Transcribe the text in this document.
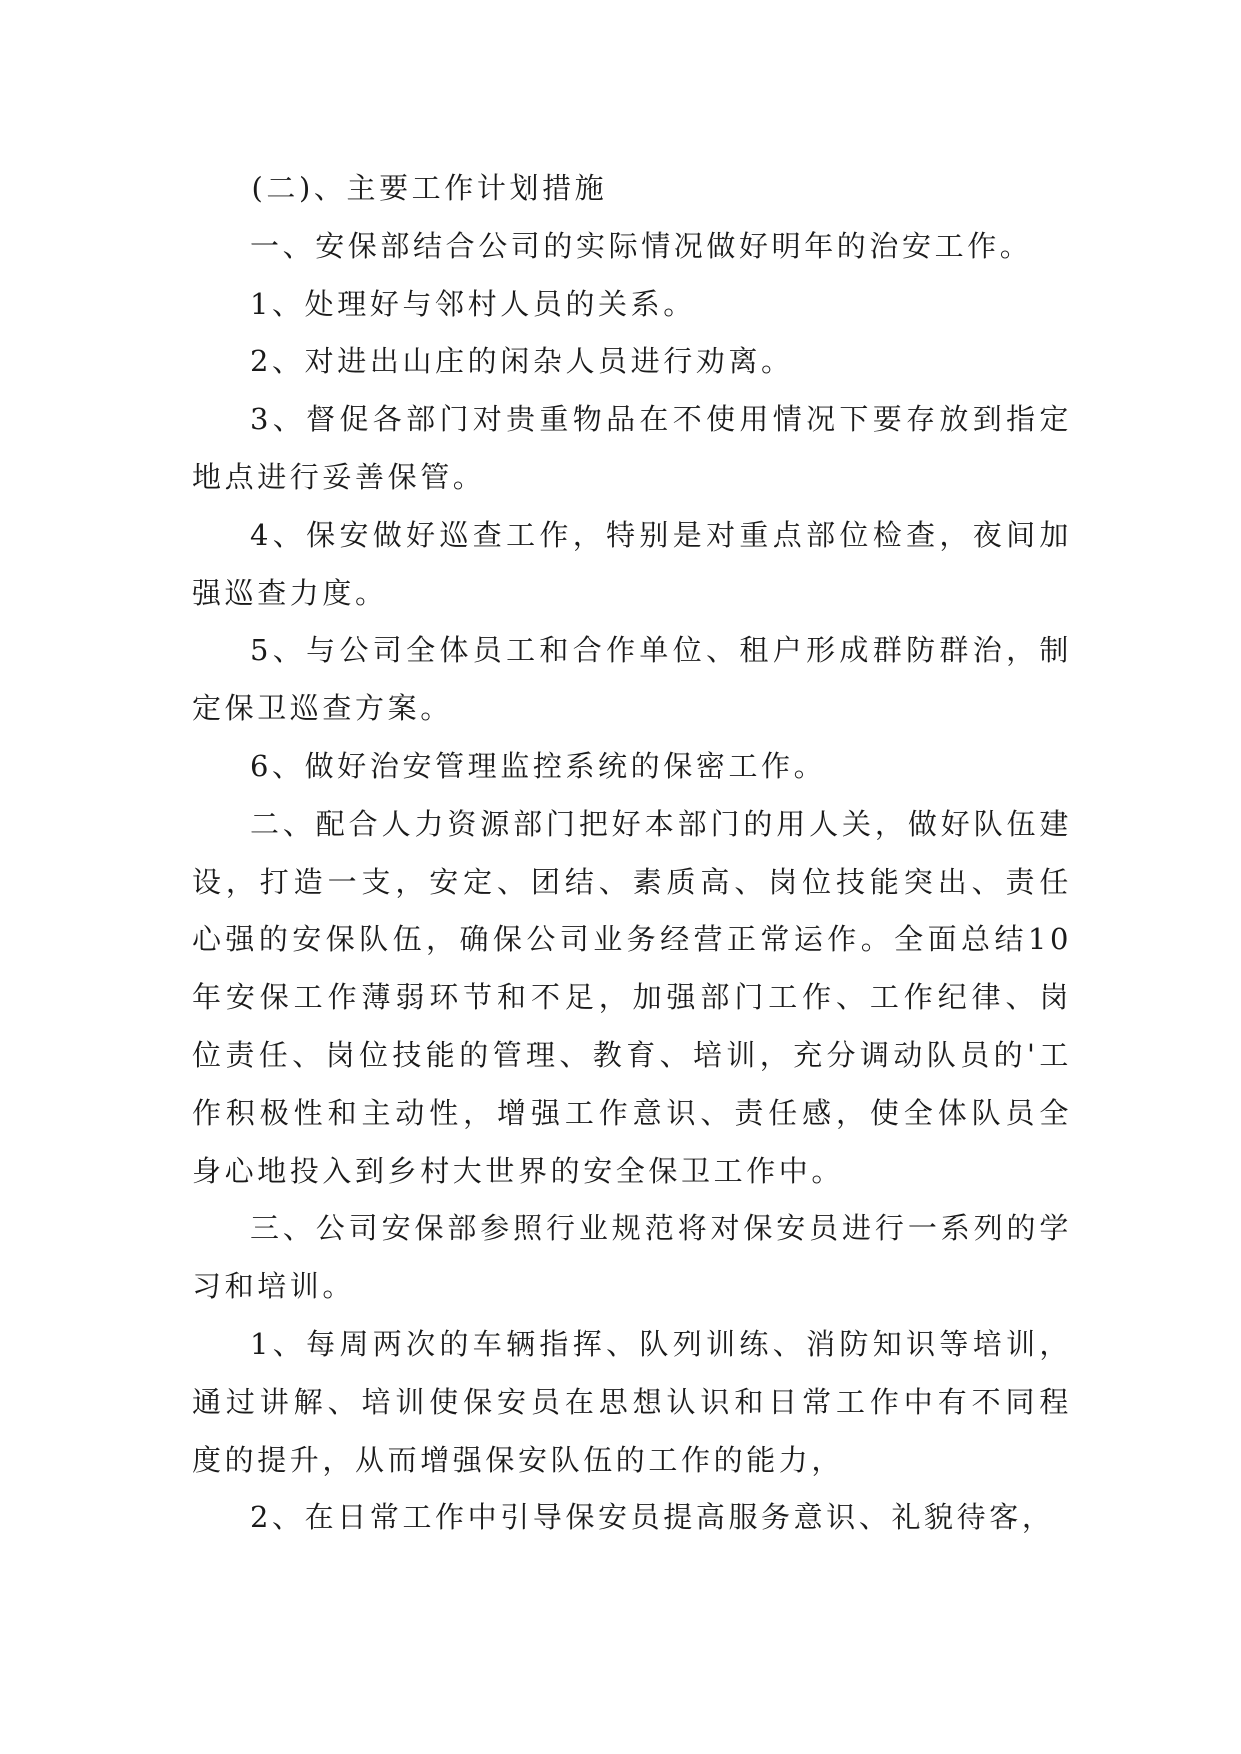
(二)、主要工作计划措施

一、安保部结合公司的实际情况做好明年的治安工作。

1、处理好与邻村人员的关系。

2、对进出山庄的闲杂人员进行劝离。

3、督促各部门对贵重物品在不使用情况下要存放到指定地点进行妥善保管。

4、保安做好巡查工作，特别是对重点部位检查，夜间加强巡查力度。

5、与公司全体员工和合作单位、租户形成群防群治，制定保卫巡查方案。

6、做好治安管理监控系统的保密工作。

二、配合人力资源部门把好本部门的用人关，做好队伍建设，打造一支，安定、团结、素质高、岗位技能突出、责任心强的安保队伍，确保公司业务经营正常运作。全面总结10年安保工作薄弱环节和不足，加强部门工作、工作纪律、岗位责任、岗位技能的管理、教育、培训，充分调动队员的'工作积极性和主动性，增强工作意识、责任感，使全体队员全身心地投入到乡村大世界的安全保卫工作中。

三、公司安保部参照行业规范将对保安员进行一系列的学习和培训。

1、每周两次的车辆指挥、队列训练、消防知识等培训，通过讲解、培训使保安员在思想认识和日常工作中有不同程度的提升，从而增强保安队伍的工作的能力，

2、在日常工作中引导保安员提高服务意识、礼貌待客，
